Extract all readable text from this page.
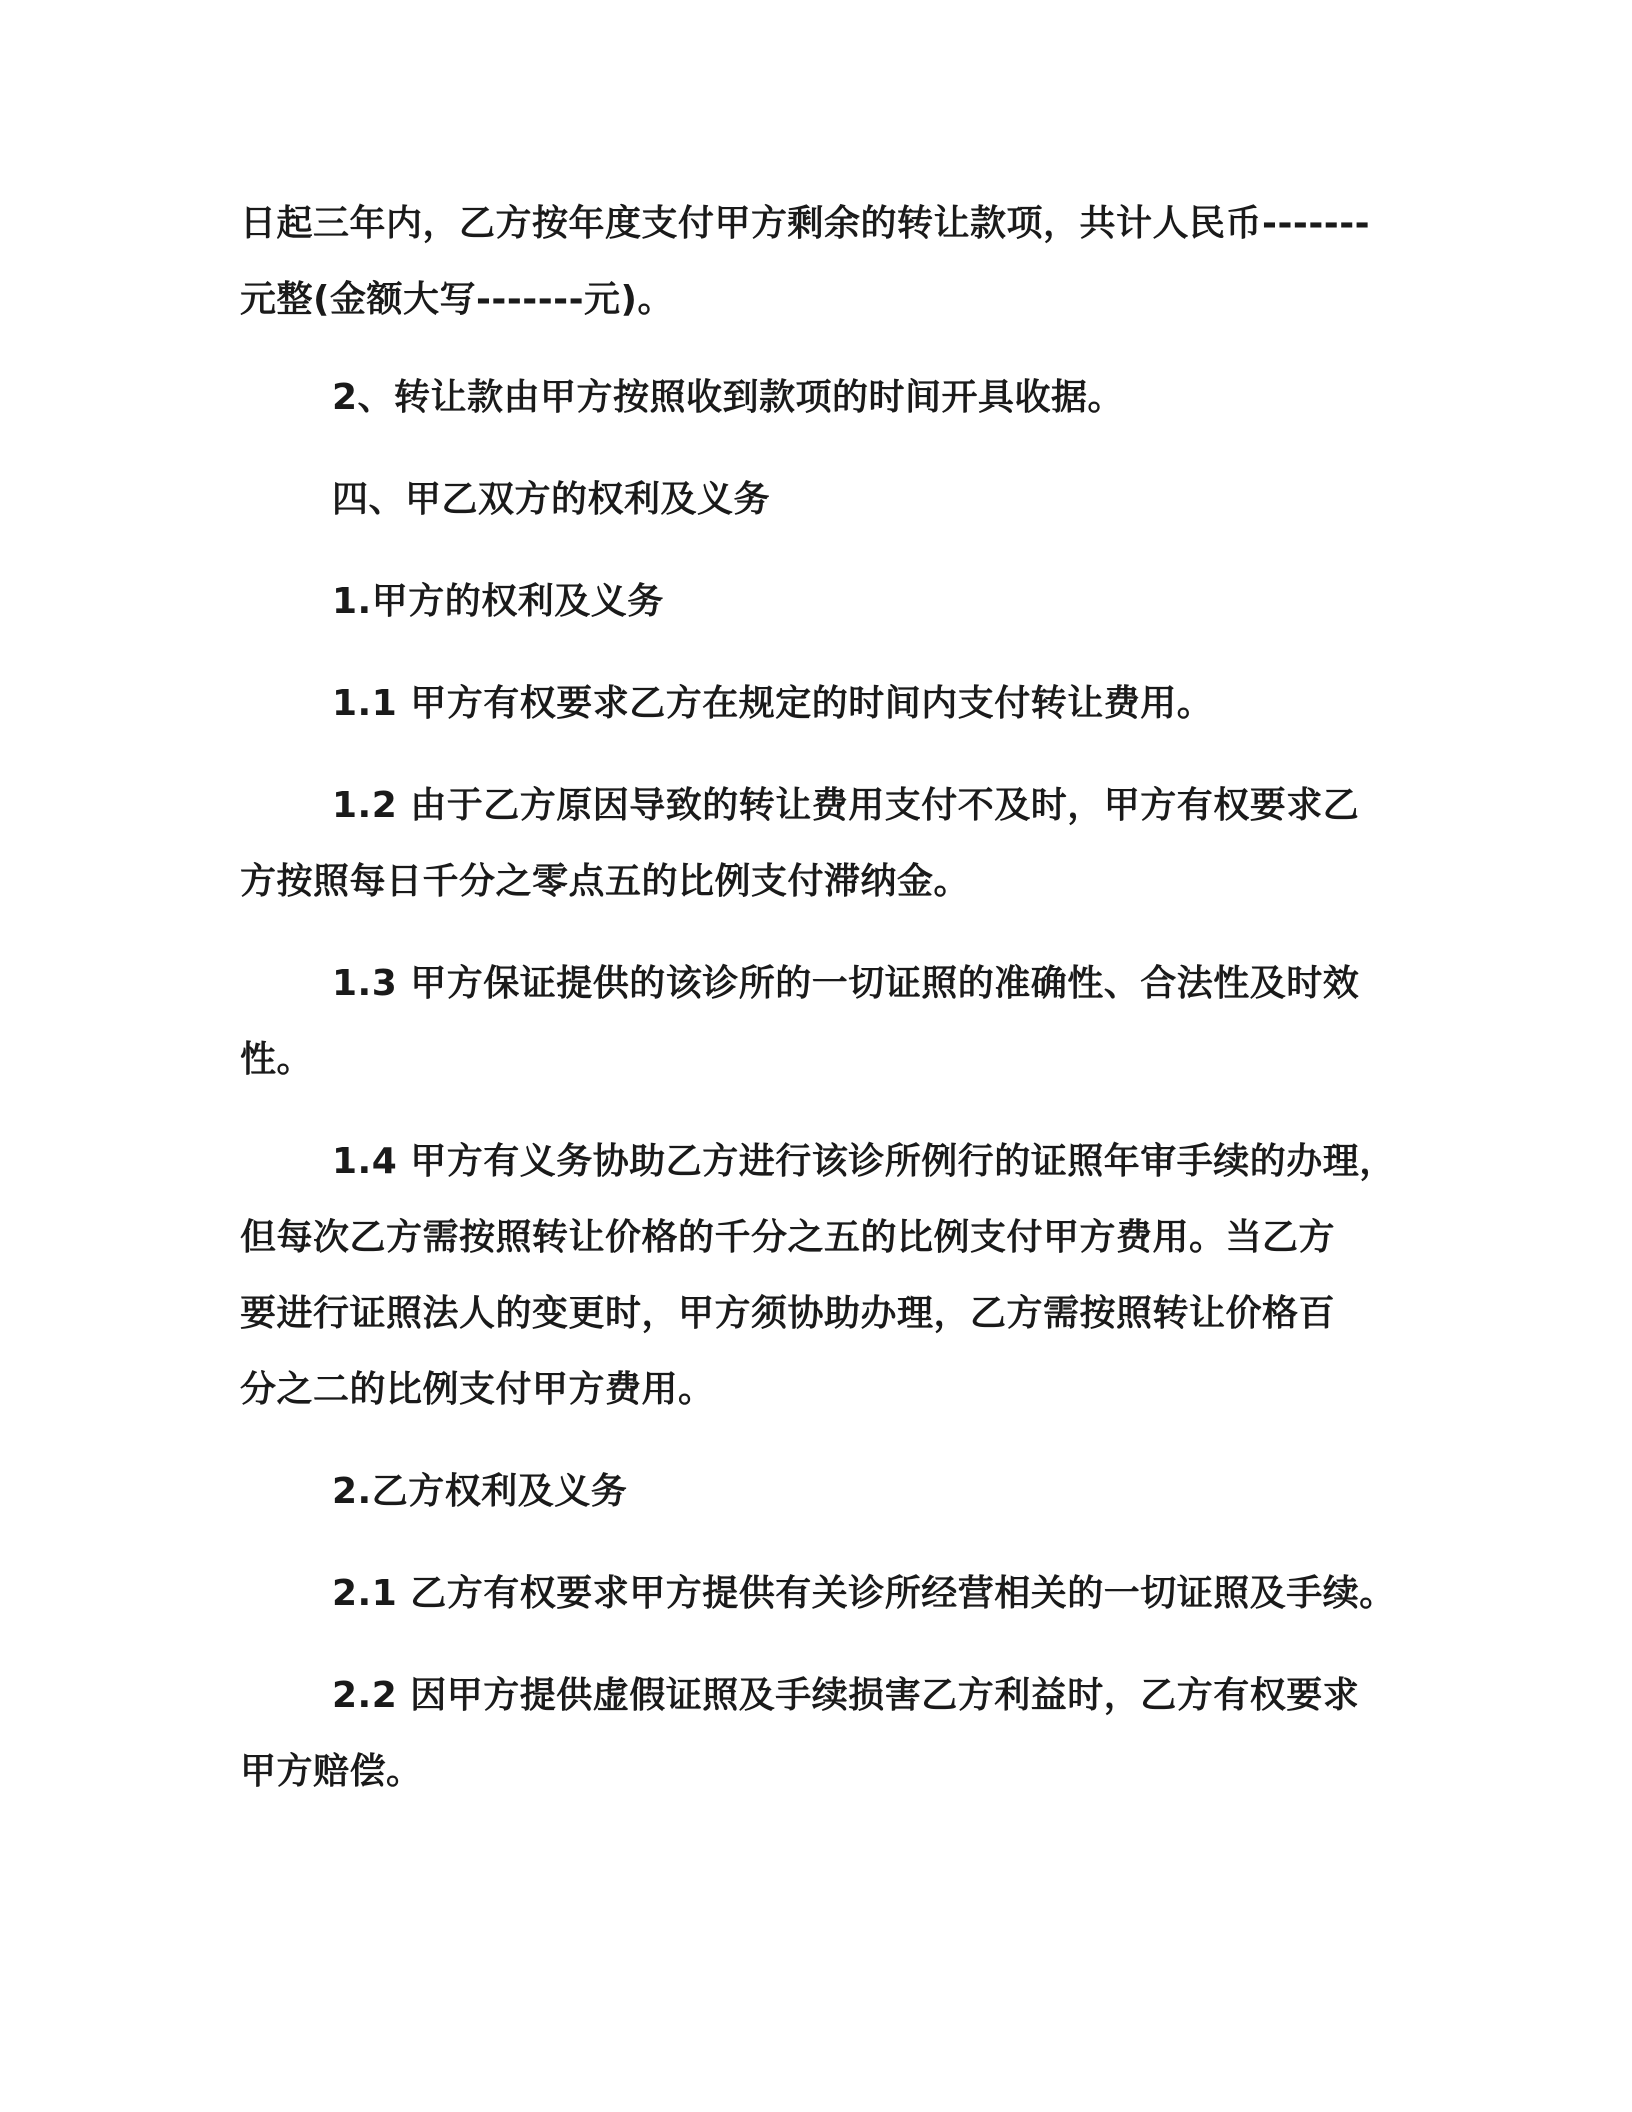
日起三年内，乙方按年度支付甲方剩余的转让款项，共计人民币-------
元整(金额大写-------元)。
2、转让款由甲方按照收到款项的时间开具收据。
四、甲乙双方的权利及义务
1.甲方的权利及义务
1.1 甲方有权要求乙方在规定的时间内支付转让费用。
1.2 由于乙方原因导致的转让费用支付不及时，甲方有权要求乙
方按照每日千分之零点五的比例支付滞纳金。
1.3 甲方保证提供的该诊所的一切证照的准确性、合法性及时效
性。
1.4 甲方有义务协助乙方进行该诊所例行的证照年审手续的办理，
但每次乙方需按照转让价格的千分之五的比例支付甲方费用。当乙方
要进行证照法人的变更时，甲方须协助办理，乙方需按照转让价格百
分之二的比例支付甲方费用。
2.乙方权利及义务
2.1 乙方有权要求甲方提供有关诊所经营相关的一切证照及手续。
2.2 因甲方提供虚假证照及手续损害乙方利益时，乙方有权要求
甲方赔偿。
